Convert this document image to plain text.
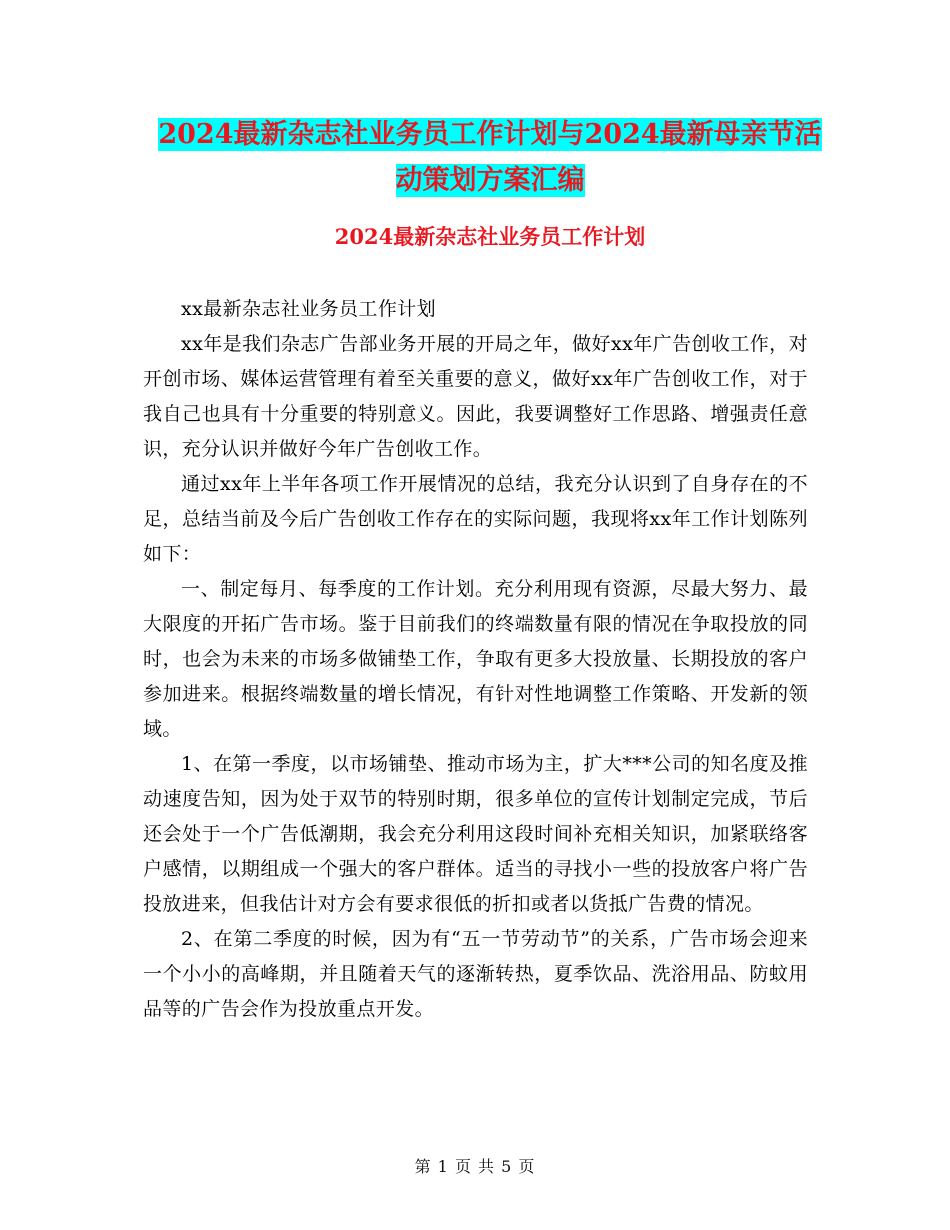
2024最新杂志社业务员工作计划与2024最新母亲节活
动策划方案汇编
2024最新杂志社业务员工作计划

xx最新杂志社业务员工作计划

xx年是我们杂志广告部业务开展的开局之年，做好xx年广告创收工作，对开创市场、媒体运营管理有着至关重要的意义，做好xx年广告创收工作，对于我自己也具有十分重要的特别意义。因此，我要调整好工作思路、增强责任意识，充分认识并做好今年广告创收工作。

通过xx年上半年各项工作开展情况的总结，我充分认识到了自身存在的不足，总结当前及今后广告创收工作存在的实际问题，我现将xx年工作计划陈列如下：

一、制定每月、每季度的工作计划。充分利用现有资源，尽最大努力、最大限度的开拓广告市场。鉴于目前我们的终端数量有限的情况在争取投放的同时，也会为未来的市场多做铺垫工作，争取有更多大投放量、长期投放的客户参加进来。根据终端数量的增长情况，有针对性地调整工作策略、开发新的领域。

1、在第一季度，以市场铺垫、推动市场为主，扩大***公司的知名度及推动速度告知，因为处于双节的特别时期，很多单位的宣传计划制定完成，节后还会处于一个广告低潮期，我会充分利用这段时间补充相关知识，加紧联络客户感情，以期组成一个强大的客户群体。适当的寻找小一些的投放客户将广告投放进来，但我估计对方会有要求很低的折扣或者以货抵广告费的情况。

2、在第二季度的时候，因为有“五一节劳动节”的关系，广告市场会迎来一个小小的高峰期，并且随着天气的逐渐转热，夏季饮品、洗浴用品、防蚊用品等的广告会作为投放重点开发。

第 1 页 共 5 页
